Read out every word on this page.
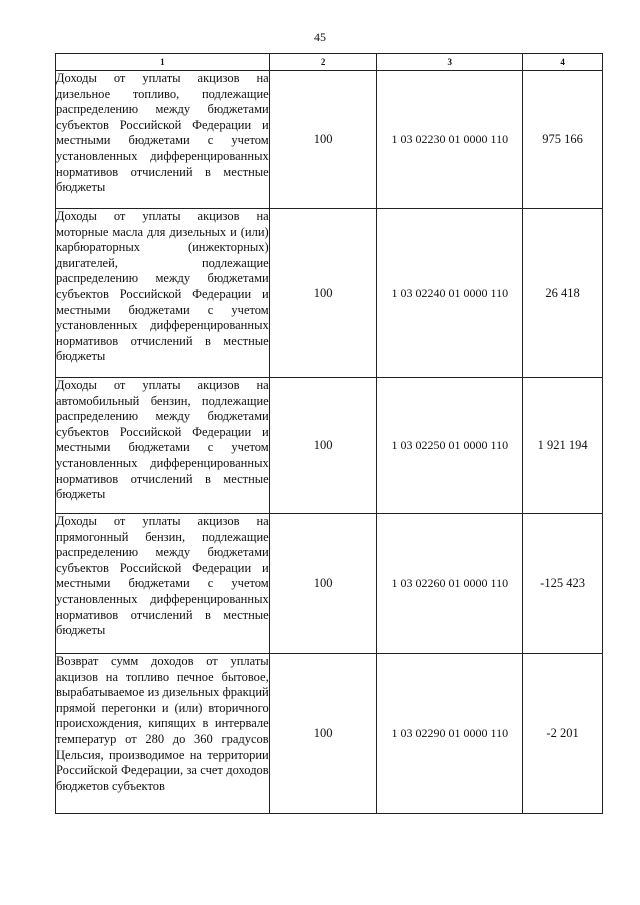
45
1	2	3	4
Доходы от уплаты акцизов на дизельное топливо, подлежащие распределению между бюджетами субъектов Российской Федерации и местными бюджетами с учетом установленных дифференцированных нормативов отчислений в местные бюджеты	100	1 03 02230 01 0000 110	975 166
Доходы от уплаты акцизов на моторные масла для дизельных и (или) карбюраторных (инжекторных) двигателей, подлежащие распределению между бюджетами субъектов Российской Федерации и местными бюджетами с учетом установленных дифференцированных нормативов отчислений в местные бюджеты	100	1 03 02240 01 0000 110	26 418
Доходы от уплаты акцизов на автомобильный бензин, подлежащие распределению между бюджетами субъектов Российской Федерации и местными бюджетами с учетом установленных дифференцированных нормативов отчислений в местные бюджеты	100	1 03 02250 01 0000 110	1 921 194
Доходы от уплаты акцизов на прямогонный бензин, подлежащие распределению между бюджетами субъектов Российской Федерации и местными бюджетами с учетом установленных дифференцированных нормативов отчислений в местные бюджеты	100	1 03 02260 01 0000 110	-125 423
Возврат сумм доходов от уплаты акцизов на топливо печное бытовое, вырабатываемое из дизельных фракций прямой перегонки и (или) вторичного происхождения, кипящих в интервале температур от 280 до 360 градусов Цельсия, производимое на территории Российской Федерации, за счет доходов бюджетов субъектов	100	1 03 02290 01 0000 110	-2 201
